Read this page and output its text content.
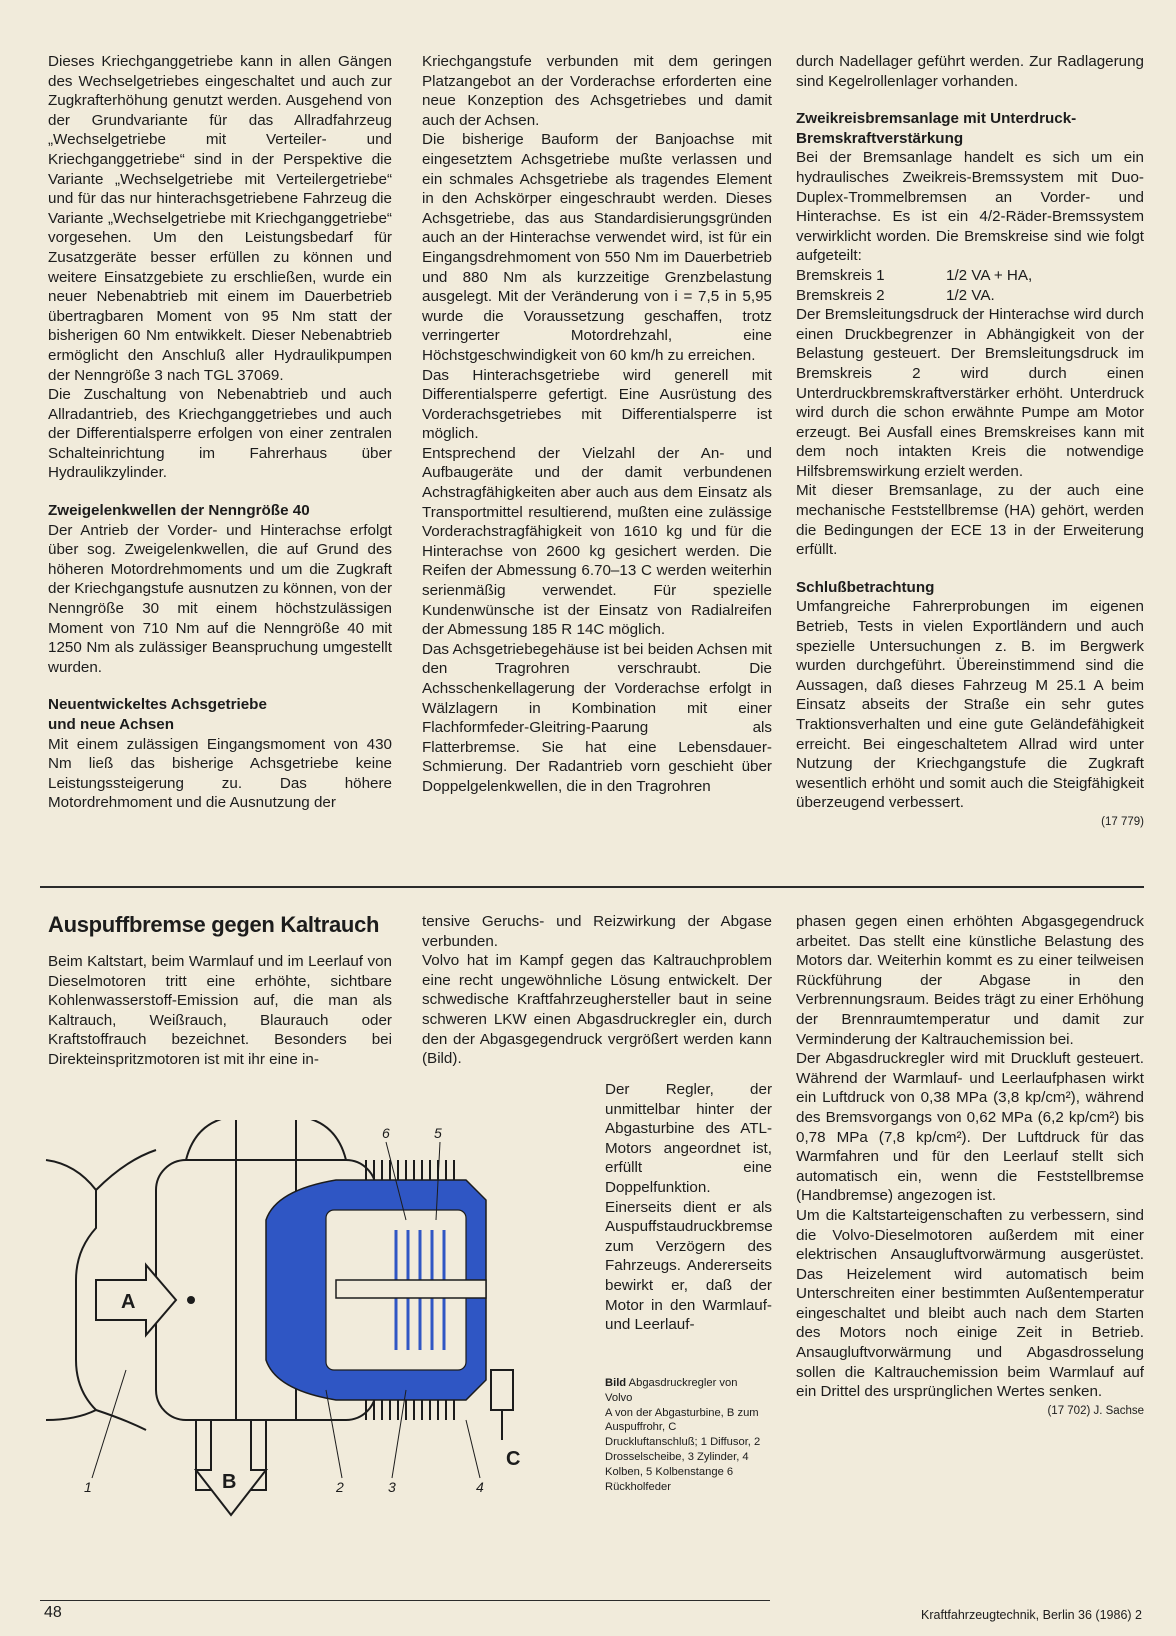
Dieses Kriechganggetriebe kann in allen Gängen des Wechselgetriebes eingeschaltet und auch zur Zugkrafterhöhung genutzt werden. Ausgehend von der Grundvariante für das Allradfahrzeug „Wechselgetriebe mit Verteiler- und Kriechganggetriebe“ sind in der Perspektive die Variante „Wechselgetriebe mit Verteilergetriebe“ und für das nur hinterachsgetriebene Fahrzeug die Variante „Wechselgetriebe mit Kriechganggetriebe“ vorgesehen. Um den Leistungsbedarf für Zusatzgeräte besser erfüllen zu können und weitere Einsatzgebiete zu erschließen, wurde ein neuer Nebenabtrieb mit einem im Dauerbetrieb übertragbaren Moment von 95 Nm statt der bisherigen 60 Nm entwikkelt. Dieser Nebenabtrieb ermöglicht den Anschluß aller Hydraulikpumpen der Nenngröße 3 nach TGL 37069.

Die Zuschaltung von Nebenabtrieb und auch Allradantrieb, des Kriechganggetriebes und auch der Differentialsperre erfolgen von einer zentralen Schalteinrichtung im Fahrerhaus über Hydraulikzylinder.

Zweigelenkwellen der Nenngröße 40

Der Antrieb der Vorder- und Hinterachse erfolgt über sog. Zweigelenkwellen, die auf Grund des höheren Motordrehmoments und um die Zugkraft der Kriechgangstufe ausnutzen zu können, von der Nenngröße 30 mit einem höchstzulässigen Moment von 710 Nm auf die Nenngröße 40 mit 1250 Nm als zulässiger Beanspruchung umgestellt wurden.

Neuentwickeltes Achsgetriebe
und neue Achsen

Mit einem zulässigen Eingangsmoment von 430 Nm ließ das bisherige Achsgetriebe keine Leistungssteigerung zu. Das höhere Motordrehmoment und die Ausnutzung der

Kriechgangstufe verbunden mit dem geringen Platzangebot an der Vorderachse erforderten eine neue Konzeption des Achsgetriebes und damit auch der Achsen.

Die bisherige Bauform der Banjoachse mit eingesetztem Achsgetriebe mußte verlassen und ein schmales Achsgetriebe als tragendes Element in den Achskörper eingeschraubt werden. Dieses Achsgetriebe, das aus Standardisierungsgründen auch an der Hinterachse verwendet wird, ist für ein Eingangsdrehmoment von 550 Nm im Dauerbetrieb und 880 Nm als kurzzeitige Grenzbelastung ausgelegt. Mit der Veränderung von i = 7,5 in 5,95 wurde die Voraussetzung geschaffen, trotz verringerter Motordrehzahl, eine Höchstgeschwindigkeit von 60 km/h zu erreichen.

Das Hinterachsgetriebe wird generell mit Differentialsperre gefertigt. Eine Ausrüstung des Vorderachsgetriebes mit Differentialsperre ist möglich.

Entsprechend der Vielzahl der An- und Aufbaugeräte und der damit verbundenen Achstragfähigkeiten aber auch aus dem Einsatz als Transportmittel resultierend, mußten eine zulässige Vorderachstragfähigkeit von 1610 kg und für die Hinterachse von 2600 kg gesichert werden. Die Reifen der Abmessung 6.70–13 C werden weiterhin serienmäßig verwendet. Für spezielle Kundenwünsche ist der Einsatz von Radialreifen der Abmessung 185 R 14C möglich.

Das Achsgetriebegehäuse ist bei beiden Achsen mit den Tragrohren verschraubt. Die Achsschenkellagerung der Vorderachse erfolgt in Wälzlagern in Kombination mit einer Flachformfeder-Gleitring-Paarung als Flatterbremse. Sie hat eine Lebensdauer-Schmierung. Der Radantrieb vorn geschieht über Doppelgelenkwellen, die in den Tragrohren

durch Nadellager geführt werden. Zur Radlagerung sind Kegelrollenlager vorhanden.

Zweikreisbremsanlage mit Unterdruck-
Bremskraftverstärkung

Bei der Bremsanlage handelt es sich um ein hydraulisches Zweikreis-Bremssystem mit Duo-Duplex-Trommelbremsen an Vorder- und Hinterachse. Es ist ein 4/2-Räder-Bremssystem verwirklicht worden. Die Bremskreise sind wie folgt aufgeteilt:

Bremskreis 1	1/2 VA + HA,
Bremskreis 2	1/2 VA.

Der Bremsleitungsdruck der Hinterachse wird durch einen Druckbegrenzer in Abhängigkeit von der Belastung gesteuert. Der Bremsleitungsdruck im Bremskreis 2 wird durch einen Unterdruckbremskraftverstärker erhöht. Unterdruck wird durch die schon erwähnte Pumpe am Motor erzeugt. Bei Ausfall eines Bremskreises kann mit dem noch intakten Kreis die notwendige Hilfsbremswirkung erzielt werden.

Mit dieser Bremsanlage, zu der auch eine mechanische Feststellbremse (HA) gehört, werden die Bedingungen der ECE 13 in der Erweiterung erfüllt.

Schlußbetrachtung

Umfangreiche Fahrerprobungen im eigenen Betrieb, Tests in vielen Exportländern und auch spezielle Untersuchungen z. B. im Bergwerk wurden durchgeführt. Übereinstimmend sind die Aussagen, daß dieses Fahrzeug M 25.1 A beim Einsatz abseits der Straße ein sehr gutes Traktionsverhalten und eine gute Geländefähigkeit erreicht. Bei eingeschaltetem Allrad wird unter Nutzung der Kriechgangstufe die Zugkraft wesentlich erhöht und somit auch die Steigfähigkeit überzeugend verbessert.

(17 779)

Auspuffbremse gegen Kaltrauch

Beim Kaltstart, beim Warmlauf und im Leerlauf von Dieselmotoren tritt eine erhöhte, sichtbare Kohlenwasserstoff-Emission auf, die man als Kaltrauch, Weißrauch, Blaurauch oder Kraftstoffrauch bezeichnet. Besonders bei Direkteinspritzmotoren ist mit ihr eine in-

tensive Geruchs- und Reizwirkung der Abgase verbunden.

Volvo hat im Kampf gegen das Kaltrauchproblem eine recht ungewöhnliche Lösung entwickelt. Der schwedische Kraftfahrzeughersteller baut in seine schweren LKW einen Abgasdruckregler ein, durch den der Abgasgegendruck vergrößert werden kann (Bild).

Der Regler, der unmittelbar hinter der Abgasturbine des ATL-Motors angeordnet ist, erfüllt eine Doppelfunktion. Einerseits dient er als Auspuffstaudruckbremse zum Verzögern des Fahrzeugs. Andererseits bewirkt er, daß der Motor in den Warmlauf- und Leerlauf-

phasen gegen einen erhöhten Abgasgegendruck arbeitet. Das stellt eine künstliche Belastung des Motors dar. Weiterhin kommt es zu einer teilweisen Rückführung der Abgase in den Verbrennungsraum. Beides trägt zu einer Erhöhung der Brennraumtemperatur und damit zur Verminderung der Kaltrauchemission bei.

Der Abgasdruckregler wird mit Druckluft gesteuert. Während der Warmlauf- und Leerlaufphasen wirkt ein Luftdruck von 0,38 MPa (3,8 kp/cm²), während des Bremsvorgangs von 0,62 MPa (6,2 kp/cm²) bis 0,78 MPa (7,8 kp/cm²). Der Luftdruck für das Warmfahren und für den Leerlauf stellt sich automatisch ein, wenn die Feststellbremse (Handbremse) angezogen ist.

Um die Kaltstarteigenschaften zu verbessern, sind die Volvo-Dieselmotoren außerdem mit einer elektrischen Ansaugluftvorwärmung ausgerüstet. Das Heizelement wird automatisch beim Unterschreiten einer bestimmten Außentemperatur eingeschaltet und bleibt auch nach dem Starten des Motors noch einige Zeit in Betrieb. Ansaugluftvorwärmung und Abgasdrosselung sollen die Kaltrauchemission beim Warmlauf auf ein Drittel des ursprünglichen Wertes senken.

(17 702) J. Sachse
A
B
C
1	2	3	4
5
6
Bild Abgasdruckregler von Volvo
A von der Abgasturbine, B zum Auspuffrohr, C Druckluftanschluß; 1 Diffusor, 2 Drosselscheibe, 3 Zylinder, 4 Kolben, 5 Kolbenstange 6 Rückholfeder
48	Kraftfahrzeugtechnik, Berlin 36 (1986) 2
